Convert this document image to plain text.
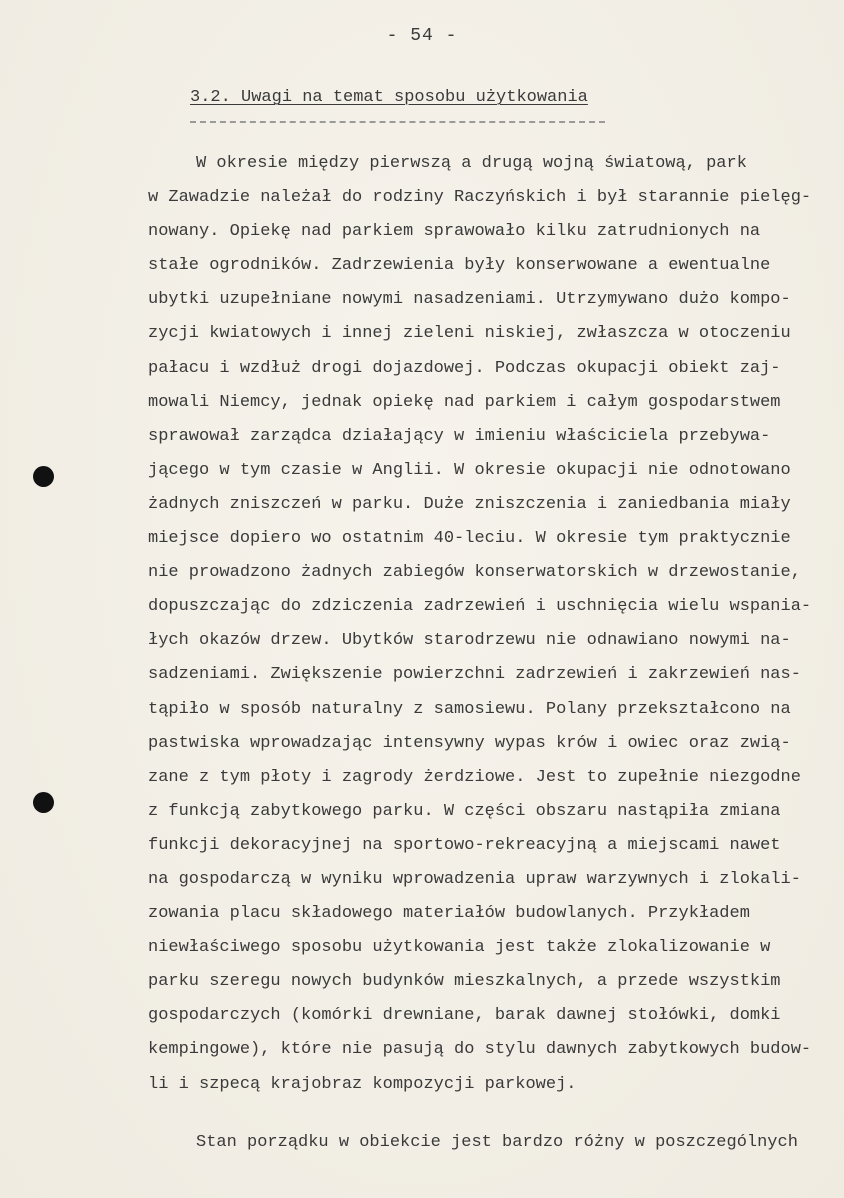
- 54 -
3.2. Uwagi na temat sposobu użytkowania
W okresie między pierwszą a drugą wojną światową, park
w Zawadzie należał do rodziny Raczyńskich i był starannie pielęg-
nowany. Opiekę nad parkiem sprawowało kilku zatrudnionych na
stałe ogrodników. Zadrzewienia były konserwowane a ewentualne
ubytki uzupełniane nowymi nasadzeniami. Utrzymywano dużo kompo-
zycji kwiatowych i innej zieleni niskiej, zwłaszcza w otoczeniu
pałacu i wzdłuż drogi dojazdowej. Podczas okupacji obiekt zaj-
mowali Niemcy, jednak opiekę nad parkiem i całym gospodarstwem
sprawował zarządca działający w imieniu właściciela przebywa-
jącego w tym czasie w Anglii. W okresie okupacji nie odnotowano
żadnych zniszczeń w parku. Duże zniszczenia i zaniedbania miały
miejsce dopiero wo ostatnim 40-leciu. W okresie tym praktycznie
nie prowadzono żadnych zabiegów konserwatorskich w drzewostanie,
dopuszczając do zdziczenia zadrzewień i uschnięcia wielu wspania-
łych okazów drzew. Ubytków starodrzewu nie odnawiano nowymi na-
sadzeniami. Zwiększenie powierzchni zadrzewień i zakrzewień nas-
tąpiło w sposób naturalny z samosiewu. Polany przekształcono na
pastwiska wprowadzając intensywny wypas krów i owiec oraz zwią-
zane z tym płoty i zagrody żerdziowe. Jest to zupełnie niezgodne
z funkcją zabytkowego parku. W części obszaru nastąpiła zmiana
funkcji dekoracyjnej na sportowo-rekreacyjną a miejscami nawet
na gospodarczą w wyniku wprowadzenia upraw warzywnych i zlokali-
zowania placu składowego materiałów budowlanych. Przykładem
niewłaściwego sposobu użytkowania jest także zlokalizowanie w
parku szeregu nowych budynków mieszkalnych, a przede wszystkim
gospodarczych (komórki drewniane, barak dawnej stołówki, domki
kempingowe), które nie pasują do stylu dawnych zabytkowych budow-
li i szpecą krajobraz kompozycji parkowej.
Stan porządku w obiekcie jest bardzo różny w poszczególnych
